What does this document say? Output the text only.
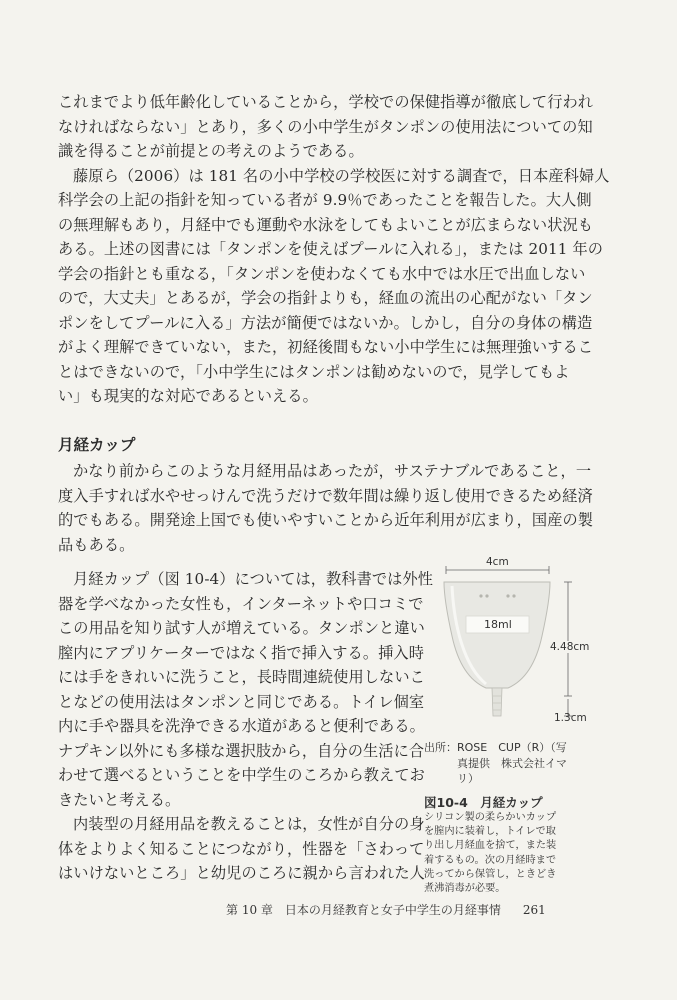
これまでより低年齢化していることから，学校での保健指導が徹底して行われ
なければならない」とあり，多くの小中学生がタンポンの使用法についての知
識を得ることが前提との考えのようである。
藤原ら（2006）は 181 名の小中学校の学校医に対する調査で，日本産科婦人
科学会の上記の指針を知っている者が 9.9％であったことを報告した。大人側
の無理解もあり，月経中でも運動や水泳をしてもよいことが広まらない状況も
ある。上述の図書には「タンポンを使えばプールに入れる」，または 2011 年の
学会の指針とも重なる，「タンポンを使わなくても水中では水圧で出血しない
ので，大丈夫」とあるが，学会の指針よりも，経血の流出の心配がない「タン
ポンをしてプールに入る」方法が簡便ではないか。しかし，自分の身体の構造
がよく理解できていない，また，初経後間もない小中学生には無理強いするこ
とはできないので，「小中学生にはタンポンは勧めないので，見学してもよ
い」も現実的な対応であるといえる。
月経カップ
かなり前からこのような月経用品はあったが，サステナブルであること，一
度入手すれば水やせっけんで洗うだけで数年間は繰り返し使用できるため経済
的でもある。開発途上国でも使いやすいことから近年利用が広まり，国産の製
品もある。
月経カップ（図 10‑4）については，教科書では外性
器を学べなかった女性も，インターネットや口コミで
この用品を知り試す人が増えている。タンポンと違い
膣内にアプリケーターではなく指で挿入する。挿入時
には手をきれいに洗うこと，長時間連続使用しないこ
となどの使用法はタンポンと同じである。トイレ個室
内に手や器具を洗浄できる水道があると便利である。
ナプキン以外にも多様な選択肢から，自分の生活に合
わせて選べるということを中学生のころから教えてお
きたいと考える。
内装型の月経用品を教えることは，女性が自分の身
体をよりよく知ることにつながり，性器を「さわって
はいけないところ」と幼児のころに親から言われた人
4cm
18ml
4.48cm
1.3cm

出所：ROSE　CUP（R）（写
　　　真提供　株式会社イマ
　　　リ）

図10‑4　月経カップ

シリコン製の柔らかいカップ
を膣内に装着し，トイレで取
り出し月経血を捨て，また装
着するもの。次の月経時まで
洗ってから保管し，ときどき
煮沸消毒が必要。

第 10 章　日本の月経教育と女子中学生の月経事情 261
